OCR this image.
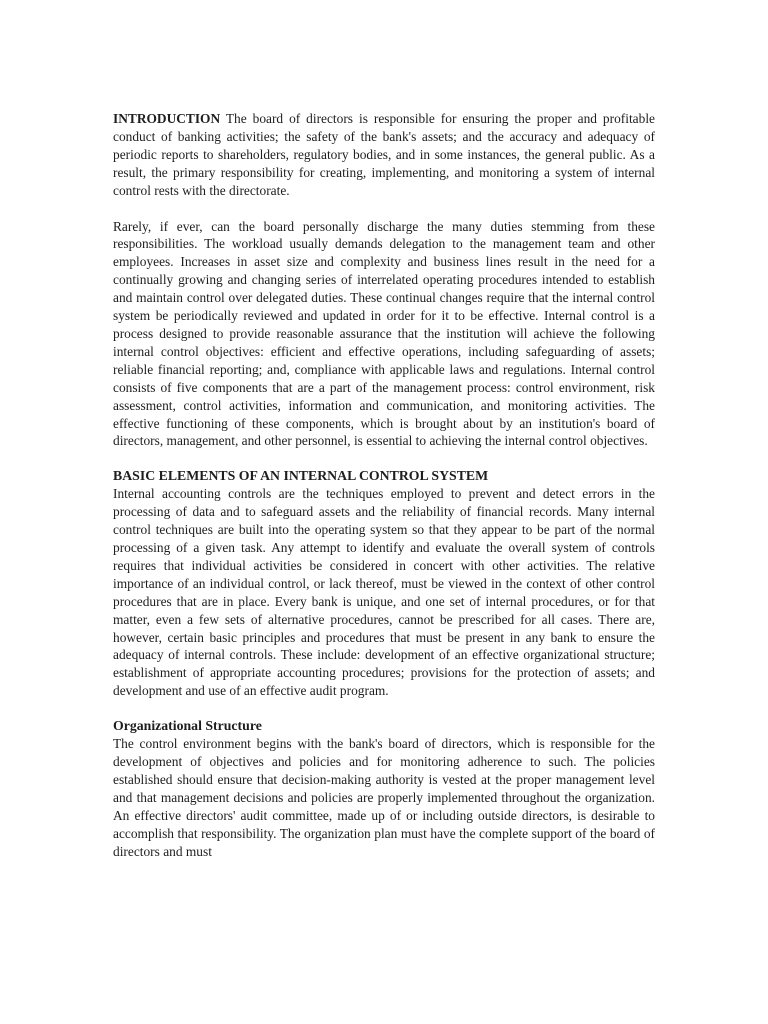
INTRODUCTION The board of directors is responsible for ensuring the proper and profitable conduct of banking activities; the safety of the bank's assets; and the accuracy and adequacy of periodic reports to shareholders, regulatory bodies, and in some instances, the general public. As a result, the primary responsibility for creating, implementing, and monitoring a system of internal control rests with the directorate.

Rarely, if ever, can the board personally discharge the many duties stemming from these responsibilities. The workload usually demands delegation to the management team and other employees. Increases in asset size and complexity and business lines result in the need for a continually growing and changing series of interrelated operating procedures intended to establish and maintain control over delegated duties. These continual changes require that the internal control system be periodically reviewed and updated in order for it to be effective. Internal control is a process designed to provide reasonable assurance that the institution will achieve the following internal control objectives: efficient and effective operations, including safeguarding of assets; reliable financial reporting; and, compliance with applicable laws and regulations. Internal control consists of five components that are a part of the management process: control environment, risk assessment, control activities, information and communication, and monitoring activities. The effective functioning of these components, which is brought about by an institution's board of directors, management, and other personnel, is essential to achieving the internal control objectives.

BASIC ELEMENTS OF AN INTERNAL CONTROL SYSTEM

Internal accounting controls are the techniques employed to prevent and detect errors in the processing of data and to safeguard assets and the reliability of financial records. Many internal control techniques are built into the operating system so that they appear to be part of the normal processing of a given task. Any attempt to identify and evaluate the overall system of controls requires that individual activities be considered in concert with other activities. The relative importance of an individual control, or lack thereof, must be viewed in the context of other control procedures that are in place. Every bank is unique, and one set of internal procedures, or for that matter, even a few sets of alternative procedures, cannot be prescribed for all cases. There are, however, certain basic principles and procedures that must be present in any bank to ensure the adequacy of internal controls. These include: development of an effective organizational structure; establishment of appropriate accounting procedures; provisions for the protection of assets; and development and use of an effective audit program.

Organizational Structure

The control environment begins with the bank's board of directors, which is responsible for the development of objectives and policies and for monitoring adherence to such. The policies established should ensure that decision-making authority is vested at the proper management level and that management decisions and policies are properly implemented throughout the organization. An effective directors' audit committee, made up of or including outside directors, is desirable to accomplish that responsibility. The organization plan must have the complete support of the board of directors and must
